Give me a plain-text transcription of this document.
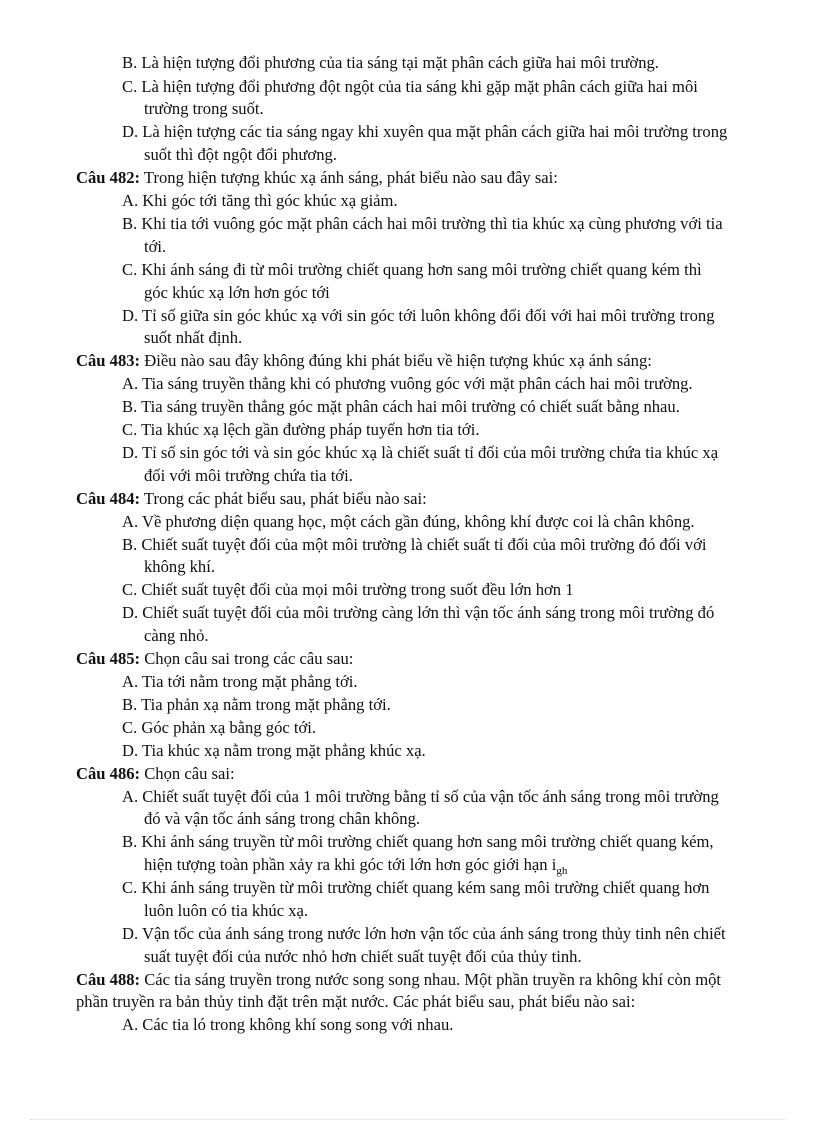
B. Là hiện tượng đổi phương của tia sáng tại mặt phân cách giữa hai môi trường.
C. Là hiện tượng đổi phương đột ngột của tia sáng khi gặp mặt phân cách giữa hai môi
trường trong suốt.
D. Là hiện tượng các tia sáng ngay khi xuyên qua mặt phân cách giữa hai môi trường trong
suốt thì đột ngột đổi phương.
Câu 482: Trong hiện tượng khúc xạ ánh sáng, phát biểu nào sau đây sai:
A. Khi góc tới tăng thì góc khúc xạ giảm.
B. Khi tia tới vuông góc mặt phân cách hai môi trường thì tia khúc xạ cùng phương với tia
tới.
C. Khi ánh sáng đi từ môi trường chiết quang hơn sang môi trường chiết quang kém thì
góc khúc xạ lớn hơn góc tới
D. Tỉ số giữa sin góc khúc xạ với sin góc tới luôn không đổi đối với hai môi trường trong
suốt nhất định.
Câu 483: Điều nào sau đây không đúng khi phát biểu về hiện tượng khúc xạ ánh sáng:
A. Tia sáng truyền thẳng khi có phương vuông góc với mặt phân cách hai môi trường.
B. Tia sáng truyền thẳng góc mặt phân cách hai môi trường có chiết suất bằng nhau.
C. Tia khúc xạ lệch gần đường pháp tuyến hơn tia tới.
D. Tỉ số sin góc tới và sin góc khúc xạ là chiết suất tỉ đối của môi trường chứa tia khúc xạ
đối với môi trường chứa tia tới.
Câu 484: Trong các phát biểu sau, phát biểu nào sai:
A. Về phương diện quang học, một cách gần đúng, không khí được coi là chân không.
B. Chiết suất tuyệt đối của một môi trường là chiết suất tỉ đối của môi trường đó đối với
không khí.
C. Chiết suất tuyệt đối của mọi môi trường trong suốt đều lớn hơn 1
D. Chiết suất tuyệt đối của môi trường càng lớn thì vận tốc ánh sáng trong môi trường đó
càng nhỏ.
Câu 485: Chọn câu sai trong các câu sau:
A. Tia tới nằm trong mặt phẳng tới.
B. Tia phản xạ nằm trong mặt phẳng tới.
C. Góc phản xạ bằng góc tới.
D. Tia khúc xạ nằm trong mặt phẳng khúc xạ.
Câu 486: Chọn câu sai:
A. Chiết suất tuyệt đối của 1 môi trường bằng tỉ số của vận tốc ánh sáng trong môi trường
đó và vận tốc ánh sáng trong chân không.
B. Khi ánh sáng truyền từ môi trường chiết quang hơn sang môi trường chiết quang kém,
hiện tượng toàn phần xảy ra khi góc tới lớn hơn góc giới hạn $i_{gh}$
C. Khi ánh sáng truyền từ môi trường chiết quang kém sang môi trường chiết quang hơn
luôn luôn có tia khúc xạ.
D. Vận tốc của ánh sáng trong nước lớn hơn vận tốc của ánh sáng trong thủy tinh nên chiết
suất tuyệt đối của nước nhỏ hơn chiết suất tuyệt đối của thủy tinh.
Câu 488: Các tia sáng truyền trong nước song song nhau. Một phần truyền ra không khí còn một
phần truyền ra bản thủy tinh đặt trên mặt nước. Các phát biểu sau, phát biểu nào sai:
A. Các tia ló trong không khí song song với nhau.
